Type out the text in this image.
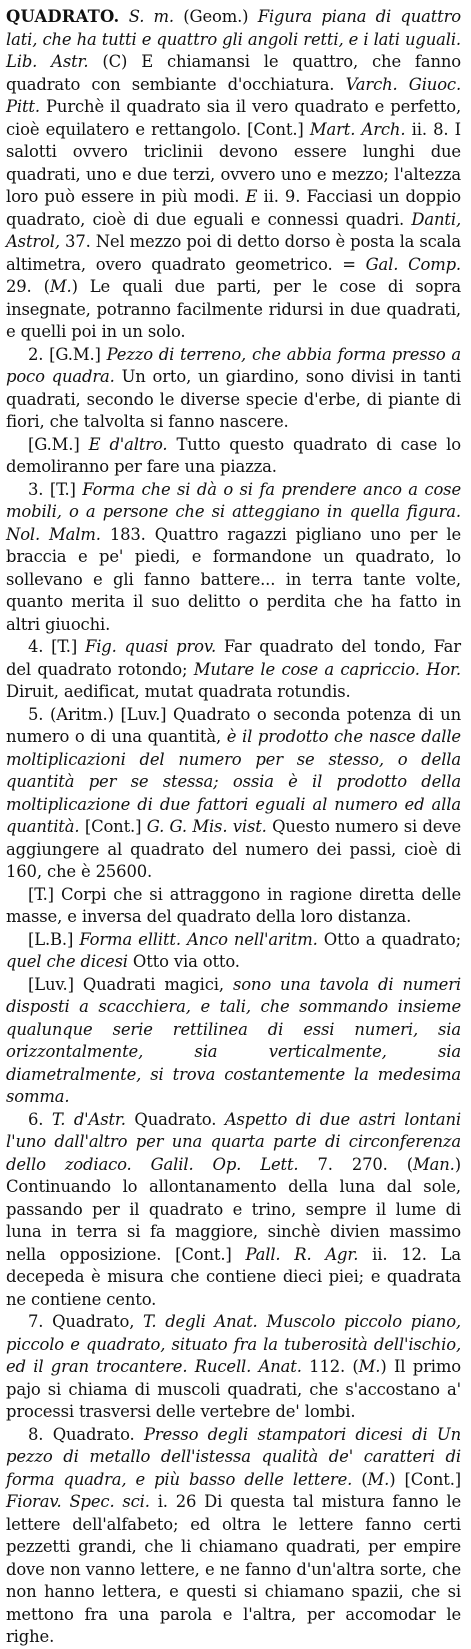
QUADRATO. S. m. (Geom.) Figura piana di quattro lati, che ha tutti e quattro gli angoli retti, e i lati uguali. Lib. Astr. (C) E chiamansi le quattro, che fanno quadrato con sembiante d'occhiatura. Varch. Giuoc. Pitt. Purchè il quadrato sia il vero quadrato e perfetto, cioè equilatero e rettangolo. [Cont.] Mart. Arch. ii. 8. I salotti ovvero triclinii devono essere lunghi due quadrati, uno e due terzi, ovvero uno e mezzo; l'altezza loro può essere in più modi. E ii. 9. Facciasi un doppio quadrato, cioè di due eguali e connessi quadri. Danti, Astrol, 37. Nel mezzo poi di detto dorso è posta la scala altimetra, overo quadrato geometrico. = Gal. Comp. 29. (M.) Le quali due parti, per le cose di sopra insegnate, potranno facilmente ridursi in due quadrati, e quelli poi in un solo.

2. [G.M.] Pezzo di terreno, che abbia forma presso a poco quadra. Un orto, un giardino, sono divisi in tanti quadrati, secondo le diverse specie d'erbe, di piante di fiori, che talvolta si fanno nascere.

[G.M.] E d'altro. Tutto questo quadrato di case lo demoliranno per fare una piazza.

3. [T.] Forma che si dà o si fa prendere anco a cose mobili, o a persone che si atteggiano in quella figura. Nol. Malm. 183. Quattro ragazzi pigliano uno per le braccia e pe' piedi, e formandone un quadrato, lo sollevano e gli fanno battere... in terra tante volte, quanto merita il suo delitto o perdita che ha fatto in altri giuochi.

4. [T.] Fig. quasi prov. Far quadrato del tondo, Far del quadrato rotondo; Mutare le cose a capriccio. Hor. Diruit, aedificat, mutat quadrata rotundis.

5. (Aritm.) [Luv.] Quadrato o seconda potenza di un numero o di una quantità, è il prodotto che nasce dalle moltiplicazioni del numero per se stesso, o della quantità per se stessa; ossia è il prodotto della moltiplicazione di due fattori eguali al numero ed alla quantità. [Cont.] G. G. Mis. vist. Questo numero si deve aggiungere al quadrato del numero dei passi, cioè di 160, che è 25600.

[T.] Corpi che si attraggono in ragione diretta delle masse, e inversa del quadrato della loro distanza.

[L.B.] Forma ellitt. Anco nell'aritm. Otto a quadrato; quel che dicesi Otto via otto.

[Luv.] Quadrati magici, sono una tavola di numeri disposti a scacchiera, e tali, che sommando insieme qualunque serie rettilinea di essi numeri, sia orizzontalmente, sia verticalmente, sia diametralmente, si trova costantemente la medesima somma.

6. T. d'Astr. Quadrato. Aspetto di due astri lontani l'uno dall'altro per una quarta parte di circonferenza dello zodiaco. Galil. Op. Lett. 7. 270. (Man.) Continuando lo allontanamento della luna dal sole, passando per il quadrato e trino, sempre il lume di luna in terra si fa maggiore, sinchè divien massimo nella opposizione. [Cont.] Pall. R. Agr. ii. 12. La decepeda è misura che contiene dieci piei; e quadrata ne contiene cento.

7. Quadrato, T. degli Anat. Muscolo piccolo piano, piccolo e quadrato, situato fra la tuberosità dell'ischio, ed il gran trocantere. Rucell. Anat. 112. (M.) Il primo pajo si chiama di muscoli quadrati, che s'accostano a' processi trasversi delle vertebre de' lombi.

8. Quadrato. Presso degli stampatori dicesi di Un pezzo di metallo dell'istessa qualità de' caratteri di forma quadra, e più basso delle lettere. (M.) [Cont.] Fiorav. Spec. sci. i. 26 Di questa tal mistura fanno le lettere dell'alfabeto; ed oltra le lettere fanno certi pezzetti grandi, che li chiamano quadrati, per empire dove non vanno lettere, e ne fanno d'un'altra sorte, che non hanno lettera, e questi si chiamano spazii, che si mettono fra una parola e l'altra, per accomodar le righe.
